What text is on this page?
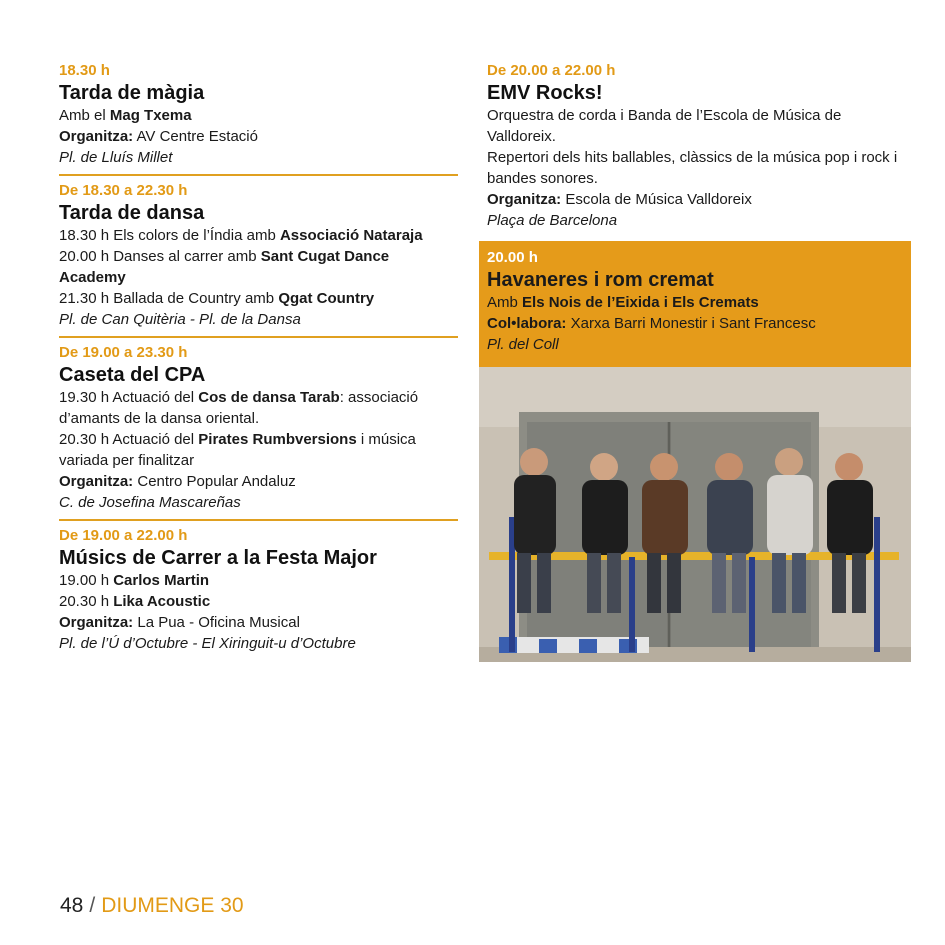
18.30 h
Tarda de màgia
Amb el Mag Txema
Organitza: AV Centre Estació
Pl. de Lluís Millet
De 18.30 a 22.30 h
Tarda de dansa
18.30 h Els colors de l’Índia amb Associació Nataraja
20.00 h Danses al carrer amb Sant Cugat Dance Academy
21.30 h Ballada de Country amb Qgat Country
Pl. de Can Quitèria - Pl. de la Dansa
De 19.00 a 23.30 h
Caseta del CPA
19.30 h Actuació del Cos de dansa Tarab: associació d’amants de la dansa oriental.
20.30 h Actuació del Pirates Rumbversions i música variada per finalitzar
Organitza: Centro Popular Andaluz
C. de Josefina Mascareñas
De 19.00 a 22.00 h
Músics de Carrer a la Festa Major
19.00 h Carlos Martin
20.30 h Lika Acoustic
Organitza: La Pua - Oficina Musical
Pl. de l’Ú d’Octubre - El Xiringuit-u d’Octubre
De 20.00 a 22.00 h
EMV Rocks!
Orquestra de corda i Banda de l’Escola de Música de Valldoreix.
Repertori dels hits ballables, clàssics de la música pop i rock i bandes sonores.
Organitza: Escola de Música Valldoreix
Plaça de Barcelona
20.00 h
Havaneres i rom cremat
Amb Els Nois de l’Eixida i Els Cremats
Col•labora: Xarxa Barri Monestir i Sant Francesc
Pl. del Coll
48 / DIUMENGE 30
